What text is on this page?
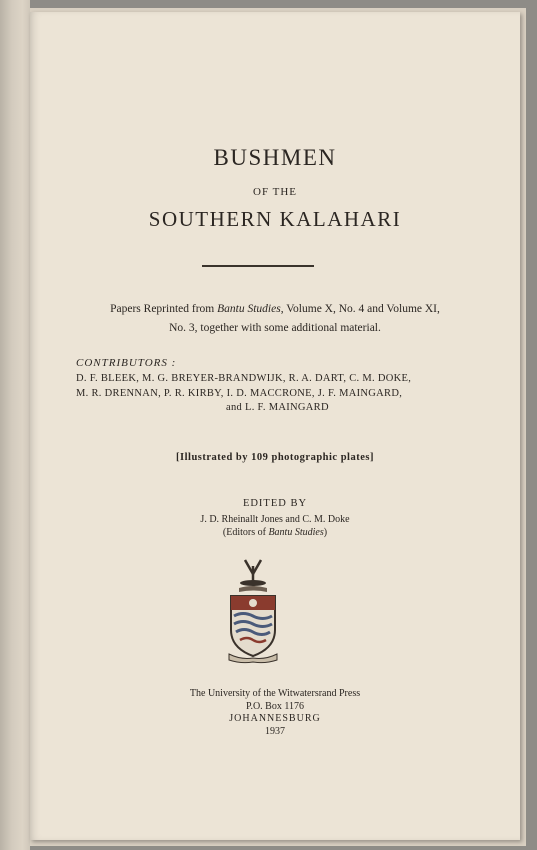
BUSHMEN
OF THE
SOUTHERN KALAHARI
Papers Reprinted from Bantu Studies, Volume X, No. 4 and Volume XI,
No. 3, together with some additional material.
CONTRIBUTORS :
D. F. BLEEK, M. G. BREYER-BRANDWIJK, R. A. DART, C. M. DOKE,
M. R. DRENNAN, P. R. KIRBY, I. D. MACCRONE, J. F. MAINGARD,
and L. F. MAINGARD
[Illustrated by 109 photographic plates]
EDITED BY
J. D. Rheinallt Jones and C. M. Doke
(Editors of Bantu Studies)
The University of the Witwatersrand Press
P.O. Box 1176
JOHANNESBURG
1937
